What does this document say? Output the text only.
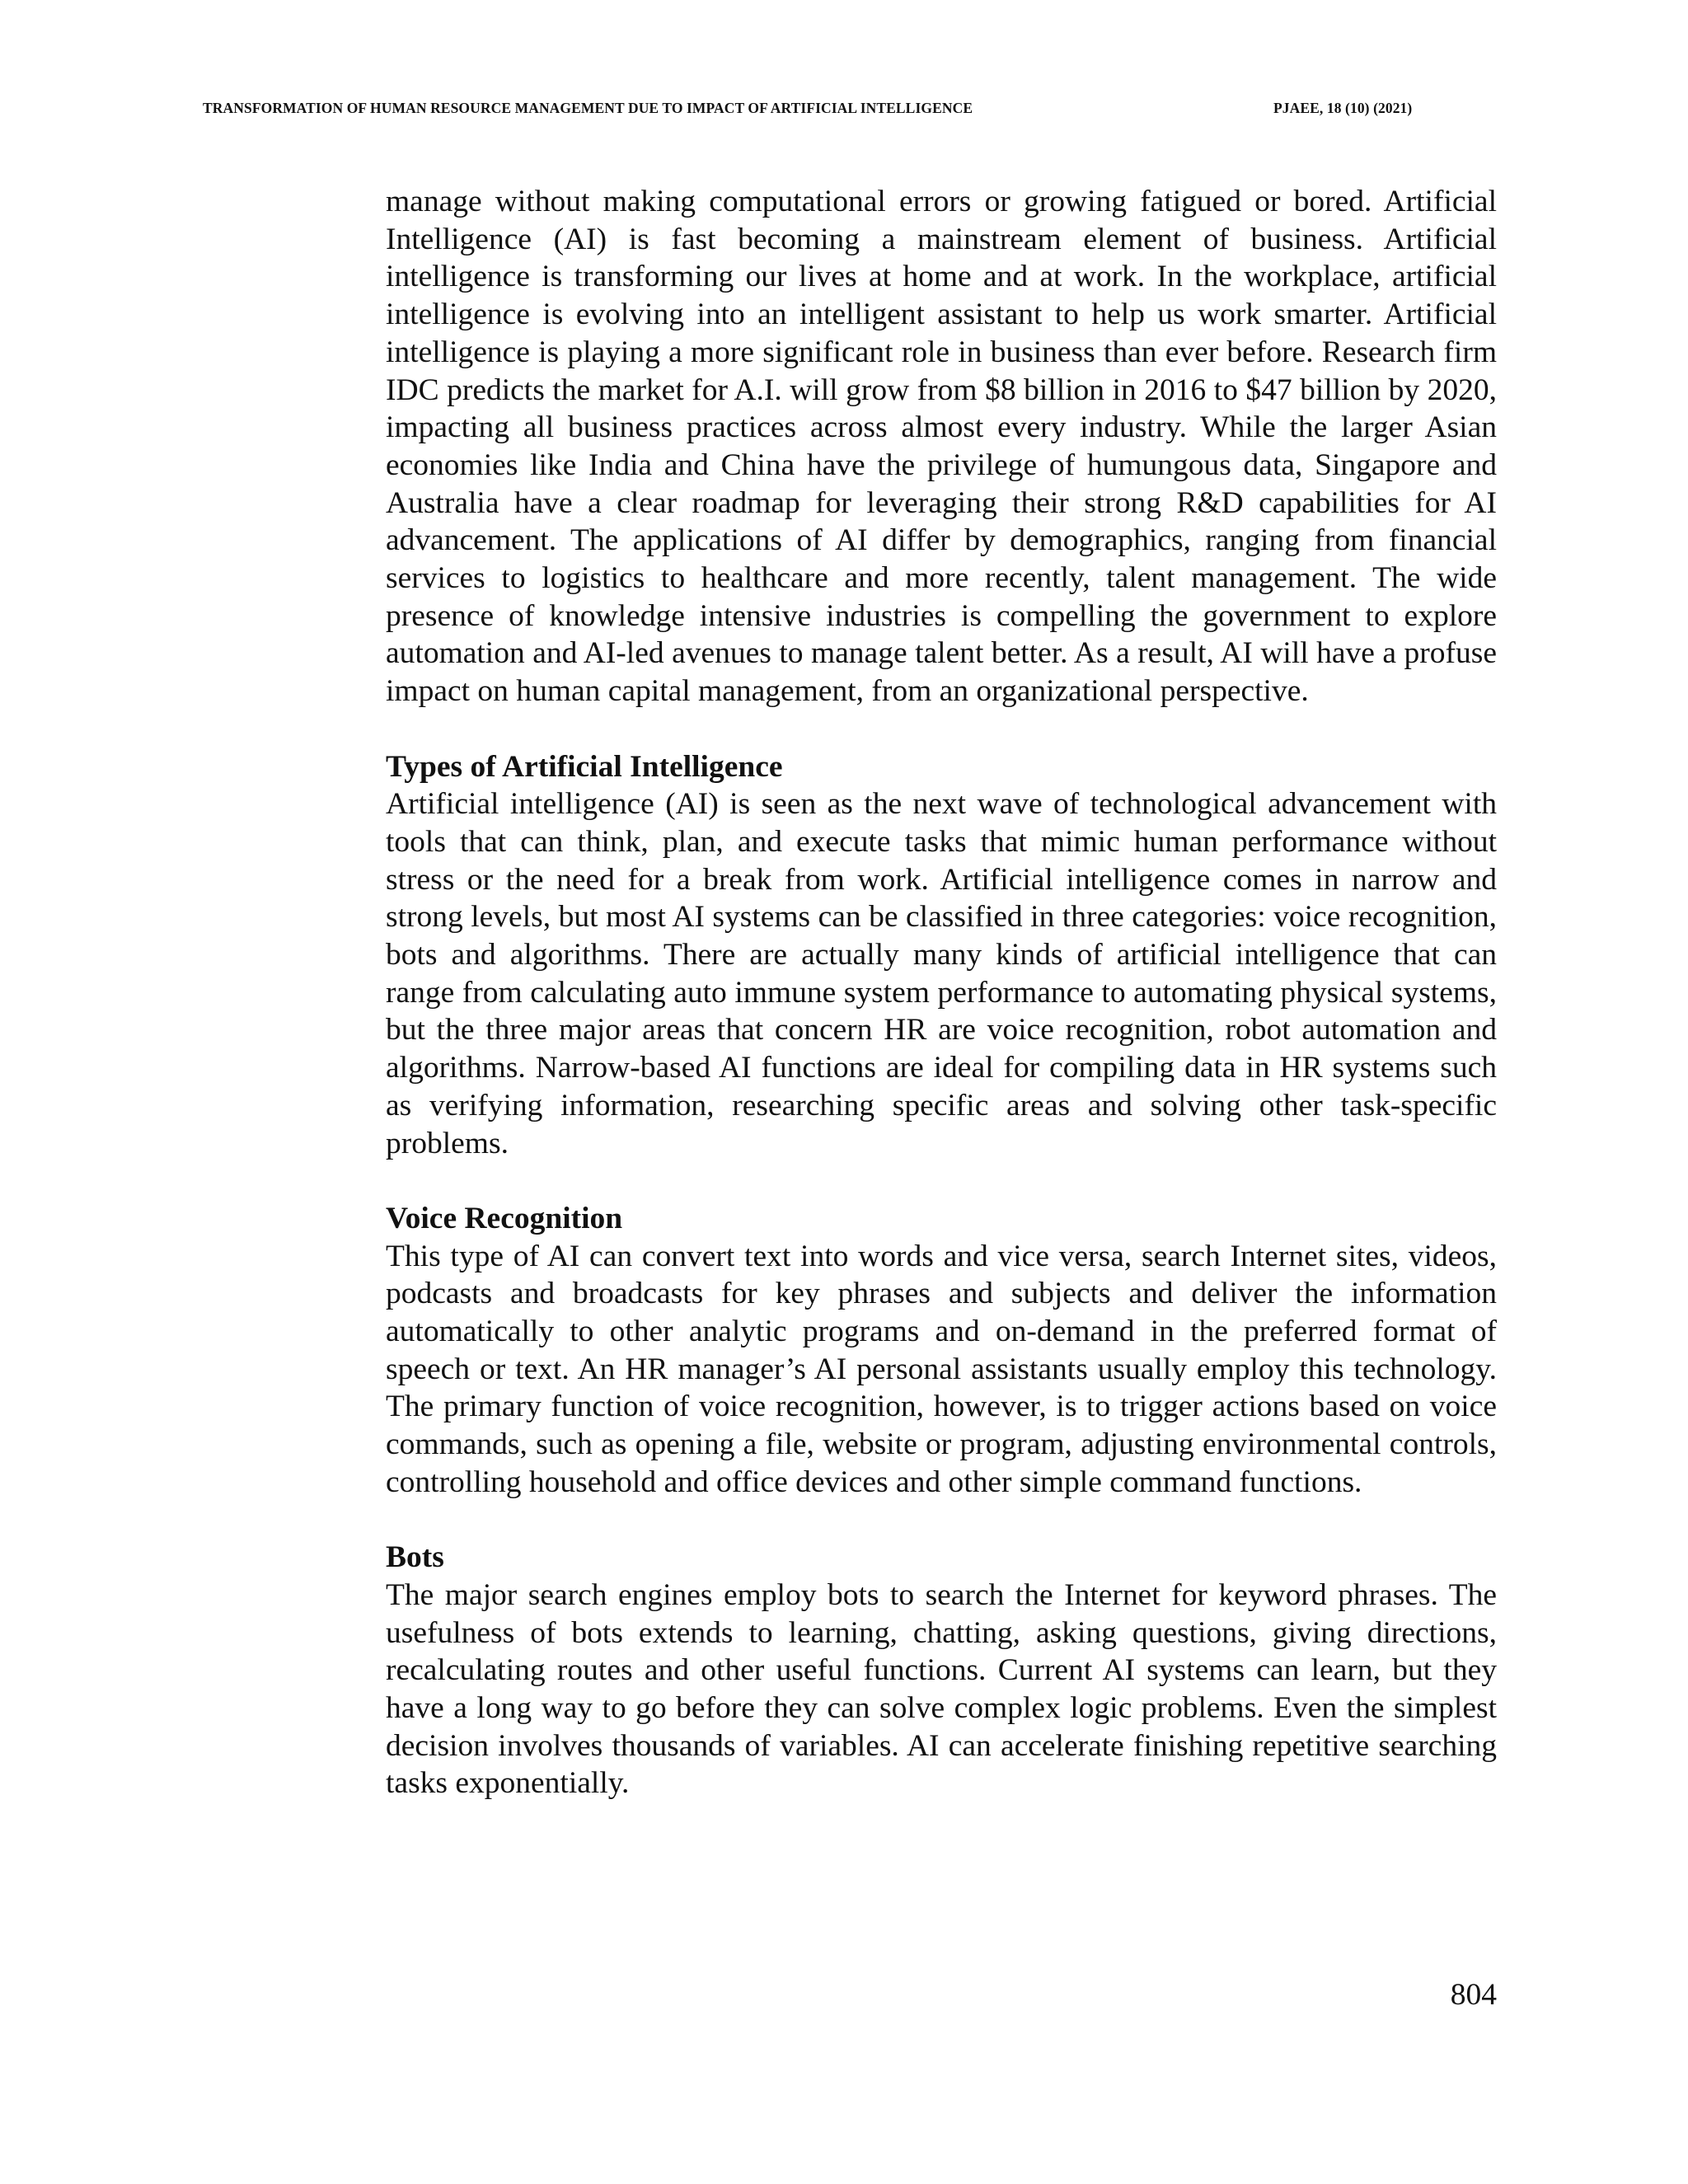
TRANSFORMATION OF HUMAN RESOURCE MANAGEMENT DUE TO IMPACT OF ARTIFICIAL INTELLIGENCE	PJAEE, 18 (10) (2021)

manage without making computational errors or growing fatigued or bored. Artificial Intelligence (AI) is fast becoming a mainstream element of business. Artificial intelligence is transforming our lives at home and at work. In the workplace, artificial intelligence is evolving into an intelligent assistant to help us work smarter. Artificial intelligence is playing a more significant role in business than ever before. Research firm IDC predicts the market for A.I. will grow from $8 billion in 2016 to $47 billion by 2020, impacting all business practices across almost every industry. While the larger Asian economies like India and China have the privilege of humungous data, Singapore and Australia have a clear roadmap for leveraging their strong R&D capabilities for AI advancement. The applications of AI differ by demographics, ranging from financial services to logistics to healthcare and more recently, talent management. The wide presence of knowledge intensive industries is compelling the government to explore automation and AI-led avenues to manage talent better. As a result, AI will have a profuse impact on human capital management, from an organizational perspective.

Types of Artificial Intelligence

Artificial intelligence (AI) is seen as the next wave of technological advancement with tools that can think, plan, and execute tasks that mimic human performance without stress or the need for a break from work. Artificial intelligence comes in narrow and strong levels, but most AI systems can be classified in three categories: voice recognition, bots and algorithms. There are actually many kinds of artificial intelligence that can range from calculating auto immune system performance to automating physical systems, but the three major areas that concern HR are voice recognition, robot automation and algorithms. Narrow-based AI functions are ideal for compiling data in HR systems such as verifying information, researching specific areas and solving other task-specific problems.

Voice Recognition

This type of AI can convert text into words and vice versa, search Internet sites, videos, podcasts and broadcasts for key phrases and subjects and deliver the information automatically to other analytic programs and on-demand in the preferred format of speech or text. An HR manager’s AI personal assistants usually employ this technology. The primary function of voice recognition, however, is to trigger actions based on voice commands, such as opening a file, website or program, adjusting environmental controls, controlling household and office devices and other simple command functions.

Bots

The major search engines employ bots to search the Internet for keyword phrases. The usefulness of bots extends to learning, chatting, asking questions, giving directions, recalculating routes and other useful functions. Current AI systems can learn, but they have a long way to go before they can solve complex logic problems. Even the simplest decision involves thousands of variables. AI can accelerate finishing repetitive searching tasks exponentially.

804
